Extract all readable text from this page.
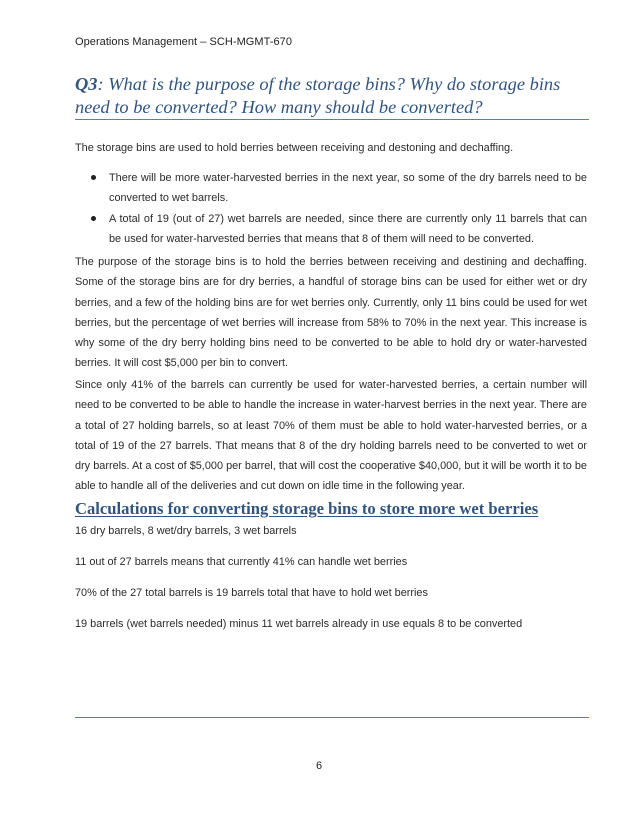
Operations Management – SCH-MGMT-670
Q3: What is the purpose of the storage bins? Why do storage bins need to be converted? How many should be converted?

The storage bins are used to hold berries between receiving and destoning and dechaffing.

There will be more water-harvested berries in the next year, so some of the dry barrels need to be converted to wet barrels.
A total of 19 (out of 27) wet barrels are needed, since there are currently only 11 barrels that can be used for water-harvested berries that means that 8 of them will need to be converted.

The purpose of the storage bins is to hold the berries between receiving and destining and dechaffing. Some of the storage bins are for dry berries, a handful of storage bins can be used for either wet or dry berries, and a few of the holding bins are for wet berries only. Currently, only 11 bins could be used for wet berries, but the percentage of wet berries will increase from 58% to 70% in the next year. This increase is why some of the dry berry holding bins need to be converted to be able to hold dry or water-harvested berries. It will cost $5,000 per bin to convert.

Since only 41% of the barrels can currently be used for water-harvested berries, a certain number will need to be converted to be able to handle the increase in water-harvest berries in the next year. There are a total of 27 holding barrels, so at least 70% of them must be able to hold water-harvested berries, or a total of 19 of the 27 barrels. That means that 8 of the dry holding barrels need to be converted to wet or dry barrels. At a cost of $5,000 per barrel, that will cost the cooperative $40,000, but it will be worth it to be able to handle all of the deliveries and cut down on idle time in the following year.

Calculations for converting storage bins to store more wet berries
16 dry barrels, 8 wet/dry barrels, 3 wet barrels
11 out of 27 barrels means that currently 41% can handle wet berries
70% of the 27 total barrels is 19 barrels total that have to hold wet berries
19 barrels (wet barrels needed) minus 11 wet barrels already in use equals 8 to be converted
6
